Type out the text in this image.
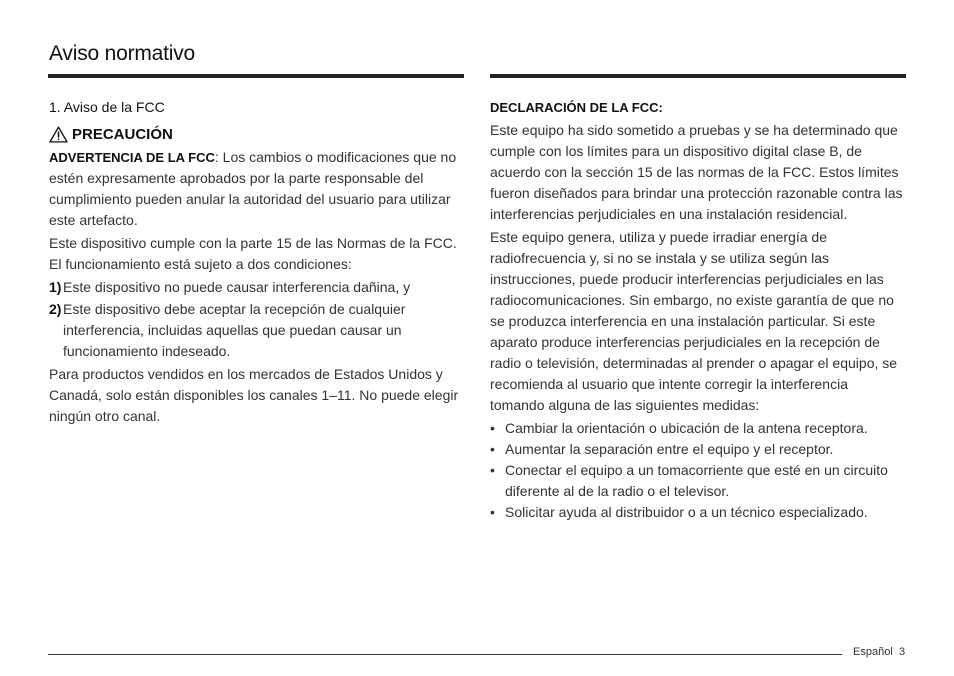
Aviso normativo

1. Aviso de la FCC

PRECAUCIÓN

ADVERTENCIA DE LA FCC: Los cambios o modificaciones que no estén expresamente aprobados por la parte responsable del cumplimiento pueden anular la autoridad del usuario para utilizar este artefacto.

Este dispositivo cumple con la parte 15 de las Normas de la FCC. El funcionamiento está sujeto a dos condiciones:

1) Este dispositivo no puede causar interferencia dañina, y
2) Este dispositivo debe aceptar la recepción de cualquier interferencia, incluidas aquellas que puedan causar un funcionamiento indeseado.

Para productos vendidos en los mercados de Estados Unidos y Canadá, solo están disponibles los canales 1–11. No puede elegir ningún otro canal.

DECLARACIÓN DE LA FCC:

Este equipo ha sido sometido a pruebas y se ha determinado que cumple con los límites para un dispositivo digital clase B, de acuerdo con la sección 15 de las normas de la FCC. Estos límites fueron diseñados para brindar una protección razonable contra las interferencias perjudiciales en una instalación residencial.

Este equipo genera, utiliza y puede irradiar energía de radiofrecuencia y, si no se instala y se utiliza según las instrucciones, puede producir interferencias perjudiciales en las radiocomunicaciones. Sin embargo, no existe garantía de que no se produzca interferencia en una instalación particular. Si este aparato produce interferencias perjudiciales en la recepción de radio o televisión, determinadas al prender o apagar el equipo, se recomienda al usuario que intente corregir la interferencia tomando alguna de las siguientes medidas:

• Cambiar la orientación o ubicación de la antena receptora.
• Aumentar la separación entre el equipo y el receptor.
• Conectar el equipo a un tomacorriente que esté en un circuito diferente al de la radio o el televisor.
• Solicitar ayuda al distribuidor o a un técnico especializado.
Español 3
